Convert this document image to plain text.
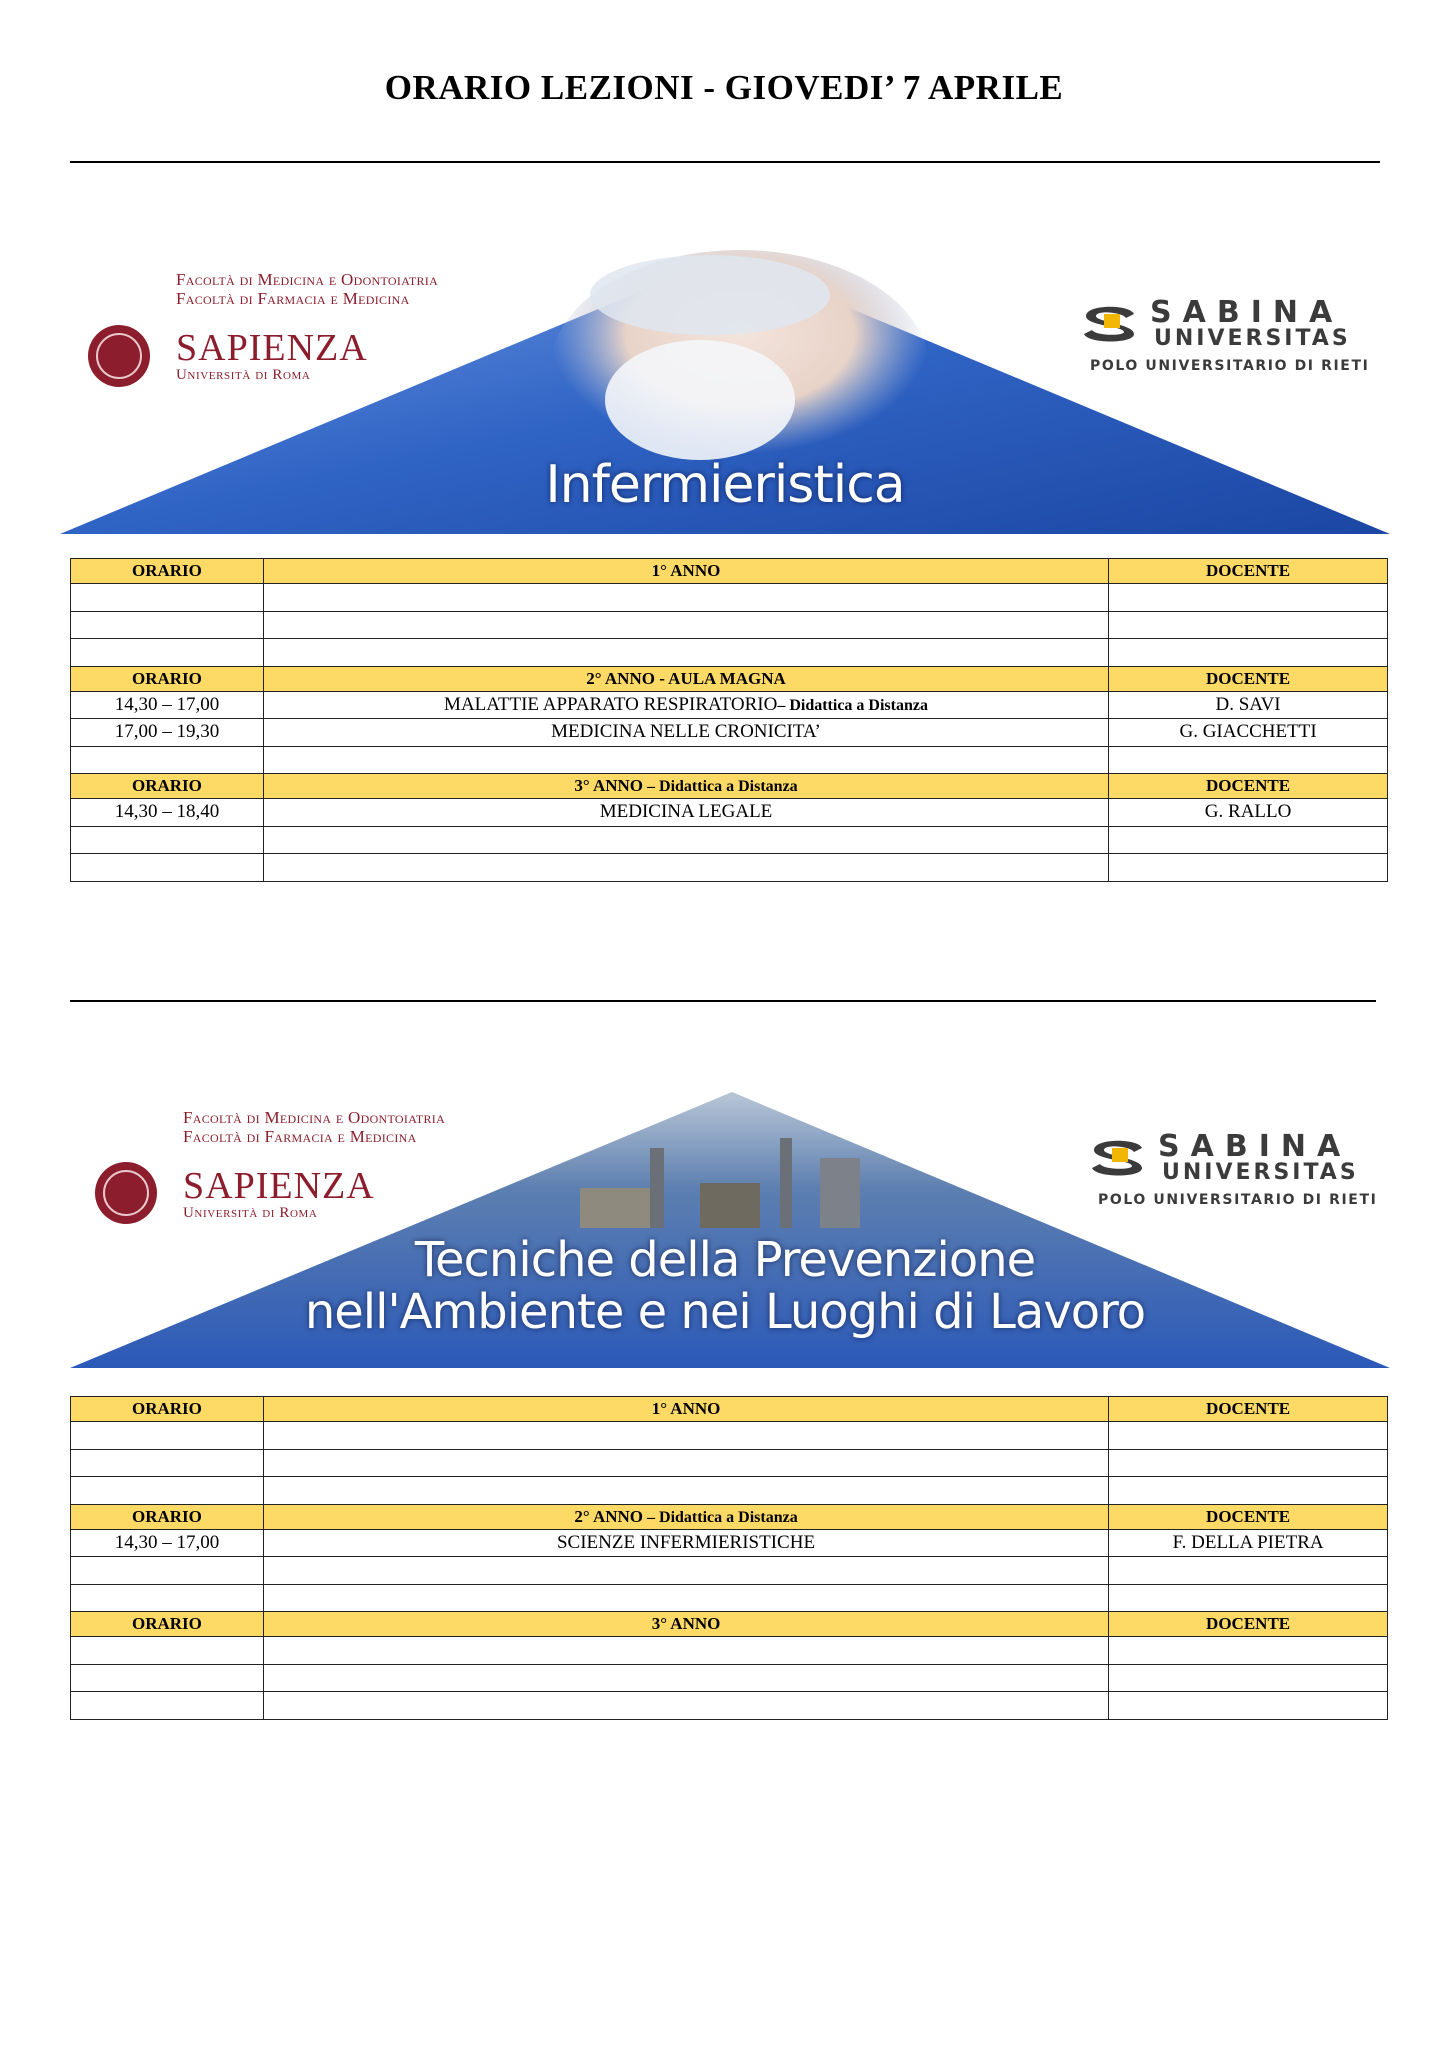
ORARIO LEZIONI - GIOVEDI’ 7 APRILE
Infermieristica
Facoltà di Medicina e Odontoiatria
Facoltà di Farmacia e Medicina
SAPIENZA
Università di Roma
SABINA
UNIVERSITAS
POLO UNIVERSITARIO DI RIETI
ORARIO	1° ANNO	DOCENTE

ORARIO	2° ANNO - AULA MAGNA	DOCENTE
14,30 – 17,00	MALATTIE APPARATO RESPIRATORIO– Didattica a Distanza	D. SAVI
17,00 – 19,30	MEDICINA NELLE CRONICITA’	G. GIACCHETTI

ORARIO	3° ANNO – Didattica a Distanza	DOCENTE
14,30 – 18,40	MEDICINA LEGALE	G. RALLO

Tecniche della Prevenzione
nell'Ambiente e nei Luoghi di Lavoro
Facoltà di Medicina e Odontoiatria
Facoltà di Farmacia e Medicina
SAPIENZA
Università di Roma
SABINA
UNIVERSITAS
POLO UNIVERSITARIO DI RIETI
ORARIO	1° ANNO	DOCENTE

ORARIO	2° ANNO – Didattica a Distanza	DOCENTE
14,30 – 17,00	SCIENZE INFERMIERISTICHE	F. DELLA PIETRA

ORARIO	3° ANNO	DOCENTE
